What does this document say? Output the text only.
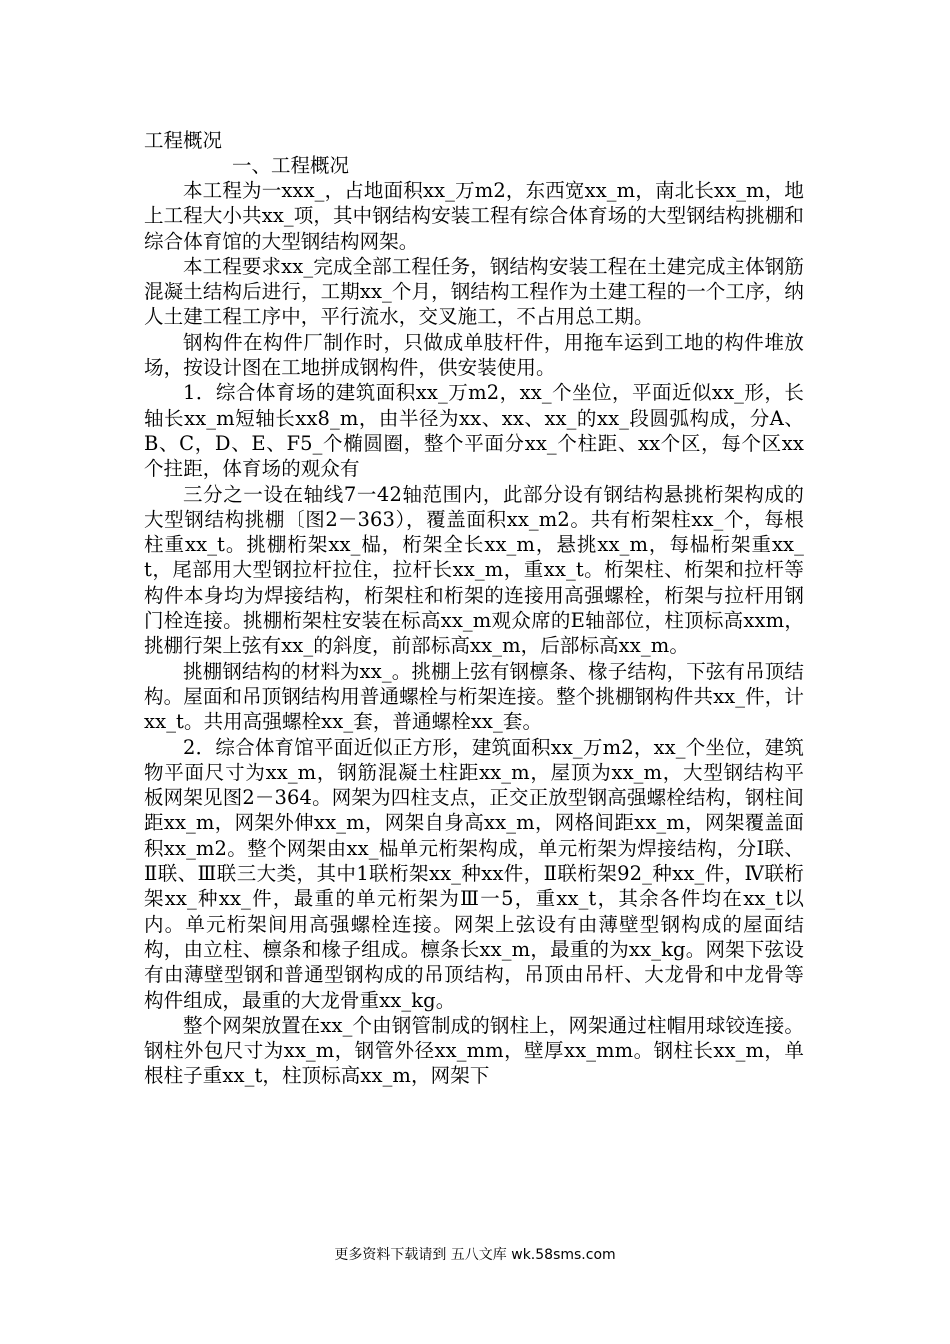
工程概况
一、工程概况

本工程为一xxx_，占地面积xx_万m2，东西宽xx_m，南北长xx_m，地上工程大小共xx_项，其中钢结构安装工程有综合体育场的大型钢结构挑棚和综合体育馆的大型钢结构网架。

本工程要求xx_完成全部工程任务，钢结构安装工程在土建完成主体钢筋混凝土结构后进行，工期xx_个月，钢结构工程作为土建工程的一个工序，纳人土建工程工序中，平行流水，交叉施工，不占用总工期。

钢构件在构件厂制作时，只做成单肢杆件，用拖车运到工地的构件堆放场，按设计图在工地拼成钢构件，供安装使用。

1．综合体育场的建筑面积xx_万m2，xx_个坐位，平面近似xx_形，长轴长xx_m短轴长xx8_m，由半径为xx、xx、xx_的xx_段圆弧构成，分A、B、C，D、E、F5_个椭圆圈，整个平面分xx_个柱距、xx个区，每个区xx个拄距，体育场的观众有

三分之一设在轴线7一42轴范围内，此部分设有钢结构悬挑桁架构成的大型钢结构挑棚〔图2－363），覆盖面积xx_m2。共有桁架柱xx_个，每根柱重xx_t。挑棚桁架xx_榀，桁架全长xx_m，悬挑xx_m，每榀桁架重xx_t，尾部用大型钢拉杆拉住，拉杆长xx_m，重xx_t。桁架柱、桁架和拉杆等构件本身均为焊接结构，桁架柱和桁架的连接用高强螺栓，桁架与拉杆用钢门栓连接。挑棚桁架柱安装在标高xx_m观众席的E轴部位，柱顶标高xxm，挑棚行架上弦有xx_的斜度，前部标高xx_m，后部标高xx_m。

挑棚钢结构的材料为xx_。挑棚上弦有钢檩条、椽子结构，下弦有吊顶结构。屋面和吊顶钢结构用普通螺栓与桁架连接。整个挑棚钢构件共xx_件，计xx_t。共用高强螺栓xx_套，普通螺栓xx_套。

2．综合体育馆平面近似正方形，建筑面积xx_万m2，xx_个坐位，建筑物平面尺寸为xx_m，钢筋混凝土柱距xx_m，屋顶为xx_m，大型钢结构平板网架见图2－364。网架为四柱支点，正交正放型钢高强螺栓结构，钢柱间距xx_m，网架外伸xx_m，网架自身高xx_m，网格间距xx_m，网架覆盖面积xx_m2。整个网架由xx_榀单元桁架构成，单元桁架为焊接结构，分Ⅰ联、Ⅱ联、Ⅲ联三大类，其中1联桁架xx_种xx件，Ⅱ联桁架92_种xx_件，Ⅳ联桁架xx_种xx_件，最重的单元桁架为Ⅲ一5，重xx_t，其余各件均在xx_t以内。单元桁架间用高强螺栓连接。网架上弦设有由薄壁型钢构成的屋面结构，由立柱、檩条和椽子组成。檩条长xx_m，最重的为xx_kg。网架下弦设有由薄壁型钢和普通型钢构成的吊顶结构，吊顶由吊杆、大龙骨和中龙骨等构件组成，最重的大龙骨重xx_kg。

整个网架放置在xx_个由钢管制成的钢柱上，网架通过柱帽用球铰连接。钢柱外包尺寸为xx_m，钢管外径xx_mm，壁厚xx_mm。钢柱长xx_m，单根柱子重xx_t，柱顶标高xx_m，网架下

更多资料下载请到 五八文库 wk.58sms.com
